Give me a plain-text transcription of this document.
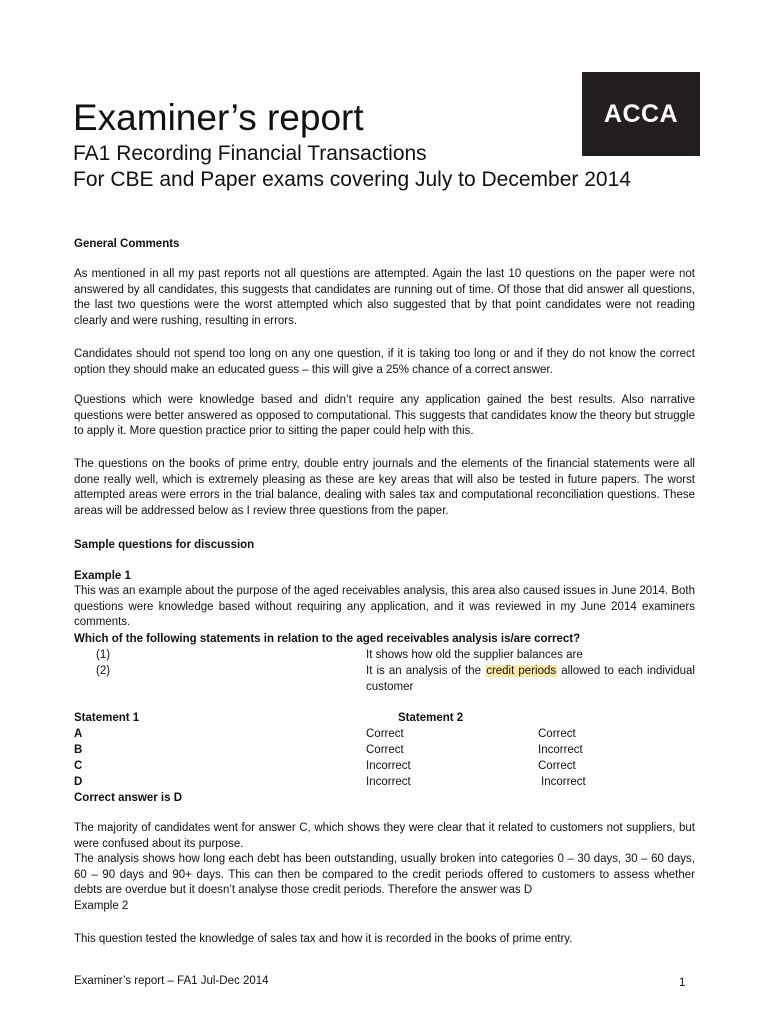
ACCA
Examiner’s report
FA1 Recording Financial Transactions
For CBE and Paper exams covering July to December 2014

General Comments

As mentioned in all my past reports not all questions are attempted. Again the last 10 questions on the paper were not answered by all candidates, this suggests that candidates are running out of time. Of those that did answer all questions, the last two questions were the worst attempted which also suggested that by that point candidates were not reading clearly and were rushing, resulting in errors.

Candidates should not spend too long on any one question, if it is taking too long or and if they do not know the correct option they should make an educated guess – this will give a 25% chance of a correct answer.

Questions which were knowledge based and didn’t require any application gained the best results. Also narrative questions were better answered as opposed to computational. This suggests that candidates know the theory but struggle to apply it. More question practice prior to sitting the paper could help with this.

The questions on the books of prime entry, double entry journals and the elements of the financial statements were all done really well, which is extremely pleasing as these are key areas that will also be tested in future papers. The worst attempted areas were errors in the trial balance, dealing with sales tax and computational reconciliation questions. These areas will be addressed below as I review three questions from the paper.

Sample questions for discussion

Example 1

This was an example about the purpose of the aged receivables analysis, this area also caused issues in June 2014. Both questions were knowledge based without requiring any application, and it was reviewed in my June 2014 examiners comments.

Which of the following statements in relation to the aged receivables analysis is/are correct?

(1)	It shows how old the supplier balances are
(2)	It is an analysis of the credit periods allowed to each individual customer
Statement 1	Statement 2
A	Correct	Correct
B	Correct	Incorrect
C	Incorrect	Correct
D	Incorrect	Incorrect

Correct answer is D

The majority of candidates went for answer C, which shows they were clear that it related to customers not suppliers, but were confused about its purpose.

The analysis shows how long each debt has been outstanding, usually broken into categories 0 – 30 days, 30 – 60 days, 60 – 90 days and 90+ days. This can then be compared to the credit periods offered to customers to assess whether debts are overdue but it doesn’t analyse those credit periods. Therefore the answer was D

Example 2

This question tested the knowledge of sales tax and how it is recorded in the books of prime entry.

Examiner’s report – FA1 Jul-Dec 2014	1
